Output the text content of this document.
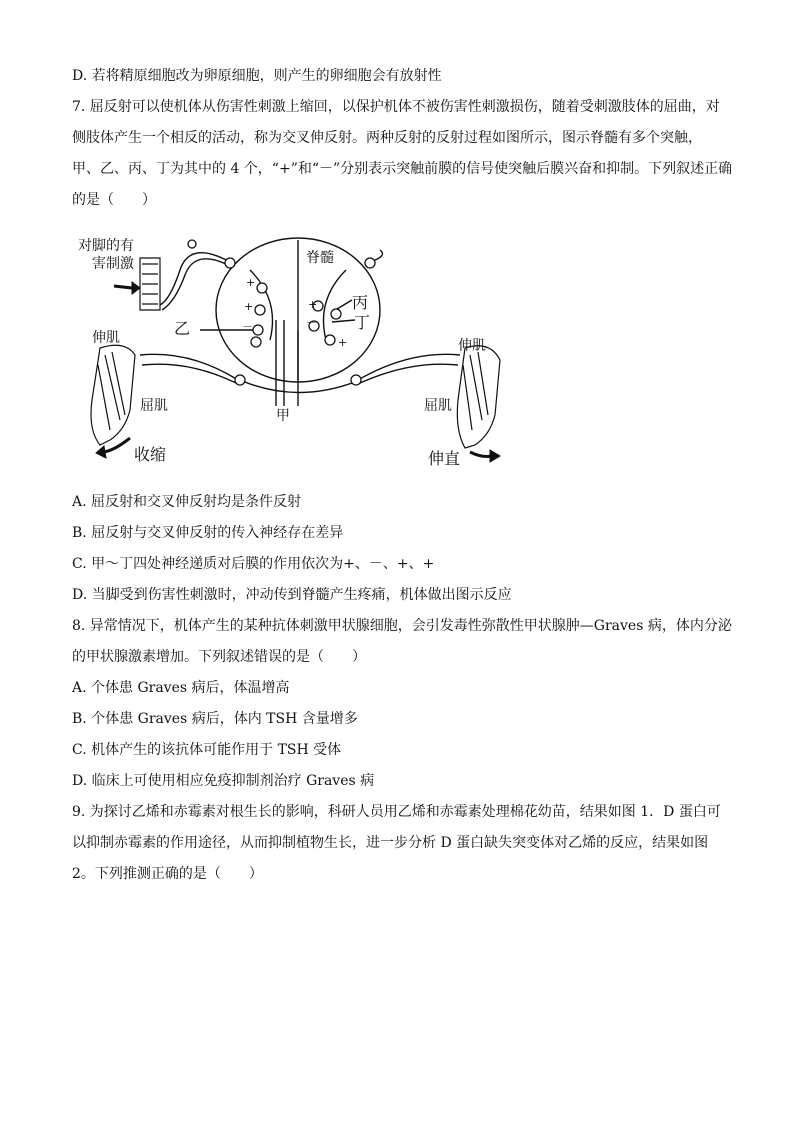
D. 若将精原细胞改为卵原细胞，则产生的卵细胞会有放射性
7. 屈反射可以使机体从伤害性刺激上缩回，以保护机体不被伤害性刺激损伤，随着受刺激肢体的屈曲，对
侧肢体产生一个相反的活动，称为交叉伸反射。两种反射的反射过程如图所示，图示脊髓有多个突触，
甲、乙、丙、丁为其中的 4 个，“+”和“－”分别表示突触前膜的信号使突触后膜兴奋和抑制。下列叙述正确
的是（　　）
+
+
－
+
－
+
对脚的有
害制激	脊髓
丙
丁
乙
甲
伸肌
屈肌
伸肌
屈肌
收缩	伸直
A. 屈反射和交叉伸反射均是条件反射
B. 屈反射与交叉伸反射的传入神经存在差异
C. 甲～丁四处神经递质对后膜的作用依次为+、－、+、+
D. 当脚受到伤害性刺激时，冲动传到脊髓产生疼痛，机体做出图示反应
8. 异常情况下，机体产生的某种抗体刺激甲状腺细胞，会引发毒性弥散性甲状腺肿—Graves 病，体内分泌
的甲状腺激素增加。下列叙述错误的是（　　）
A. 个体患 Graves 病后，体温增高
B. 个体患 Graves 病后，体内 TSH 含量增多
C. 机体产生的该抗体可能作用于 TSH 受体
D. 临床上可使用相应免疫抑制剂治疗 Graves 病
9. 为探讨乙烯和赤霉素对根生长的影响，科研人员用乙烯和赤霉素处理棉花幼苗，结果如图 1．D 蛋白可
以抑制赤霉素的作用途径，从而抑制植物生长，进一步分析 D 蛋白缺失突变体对乙烯的反应，结果如图
2。下列推测正确的是（　　）
